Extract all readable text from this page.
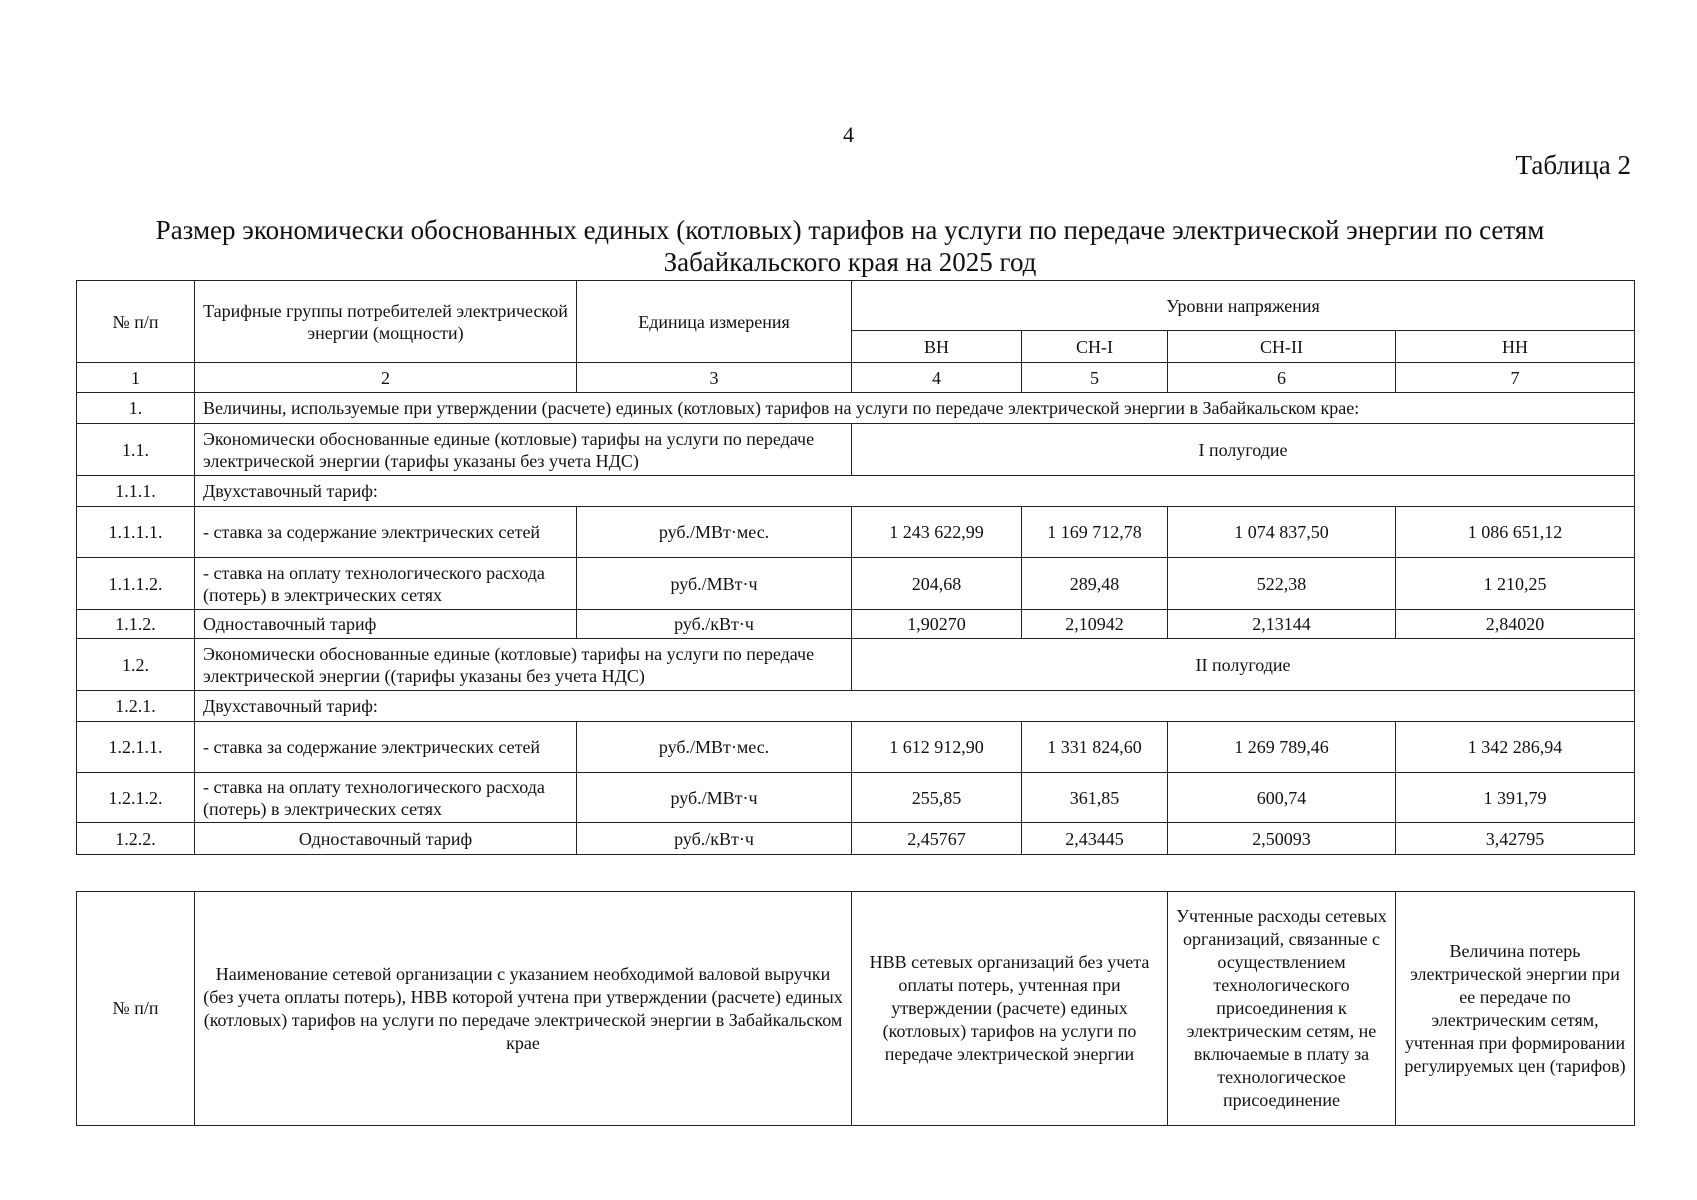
4
Таблица 2
Размер экономически обоснованных единых (котловых) тарифов на услуги по передаче электрической энергии по сетям Забайкальского края на 2025 год
№ п/п	Тарифные группы потребителей электрической энергии (мощности)	Единица измерения	Уровни напряжения			
			ВН	СН-I	СН-II	НН
1	2	3	4	5	6	7
1.	Величины, используемые при утверждении (расчете) единых (котловых) тарифов на услуги по передаче электрической энергии в Забайкальском крае:					
1.1.	Экономически обоснованные единые (котловые) тарифы на услуги по передаче электрической энергии (тарифы указаны без учета НДС)		I полугодие			
1.1.1.	Двухставочный тариф:					
1.1.1.1.	- ставка за содержание электрических сетей	руб./МВт·мес.	1 243 622,99	1 169 712,78	1 074 837,50	1 086 651,12
1.1.1.2.	- ставка на оплату технологического расхода (потерь) в электрических сетях	руб./МВт·ч	204,68	289,48	522,38	1 210,25
1.1.2.	Одноставочный тариф	руб./кВт·ч	1,90270	2,10942	2,13144	2,84020
1.2.	Экономически обоснованные единые (котловые) тарифы на услуги по передаче электрической энергии ((тарифы указаны без учета НДС)		II полугодие			
1.2.1.	Двухставочный тариф:					
1.2.1.1.	- ставка за содержание электрических сетей	руб./МВт·мес.	1 612 912,90	1 331 824,60	1 269 789,46	1 342 286,94
1.2.1.2.	- ставка на оплату технологического расхода (потерь) в электрических сетях	руб./МВт·ч	255,85	361,85	600,74	1 391,79
1.2.2.	Одноставочный тариф	руб./кВт·ч	2,45767	2,43445	2,50093	3,42795
№ п/п	Наименование сетевой организации с указанием необходимой валовой выручки (без учета оплаты потерь), НВВ которой учтена при утверждении (расчете) единых (котловых) тарифов на услуги по передаче электрической энергии в Забайкальском крае	НВВ сетевых организаций без учета оплаты потерь, учтенная при утверждении (расчете) единых (котловых) тарифов на услуги по передаче электрической энергии	Учтенные расходы сетевых организаций, связанные с осуществлением технологического присоединения к электрическим сетям, не включаемые в плату за технологическое присоединение	Величина потерь электрической энергии при ее передаче по электрическим сетям, учтенная при формировании регулируемых цен (тарифов)
